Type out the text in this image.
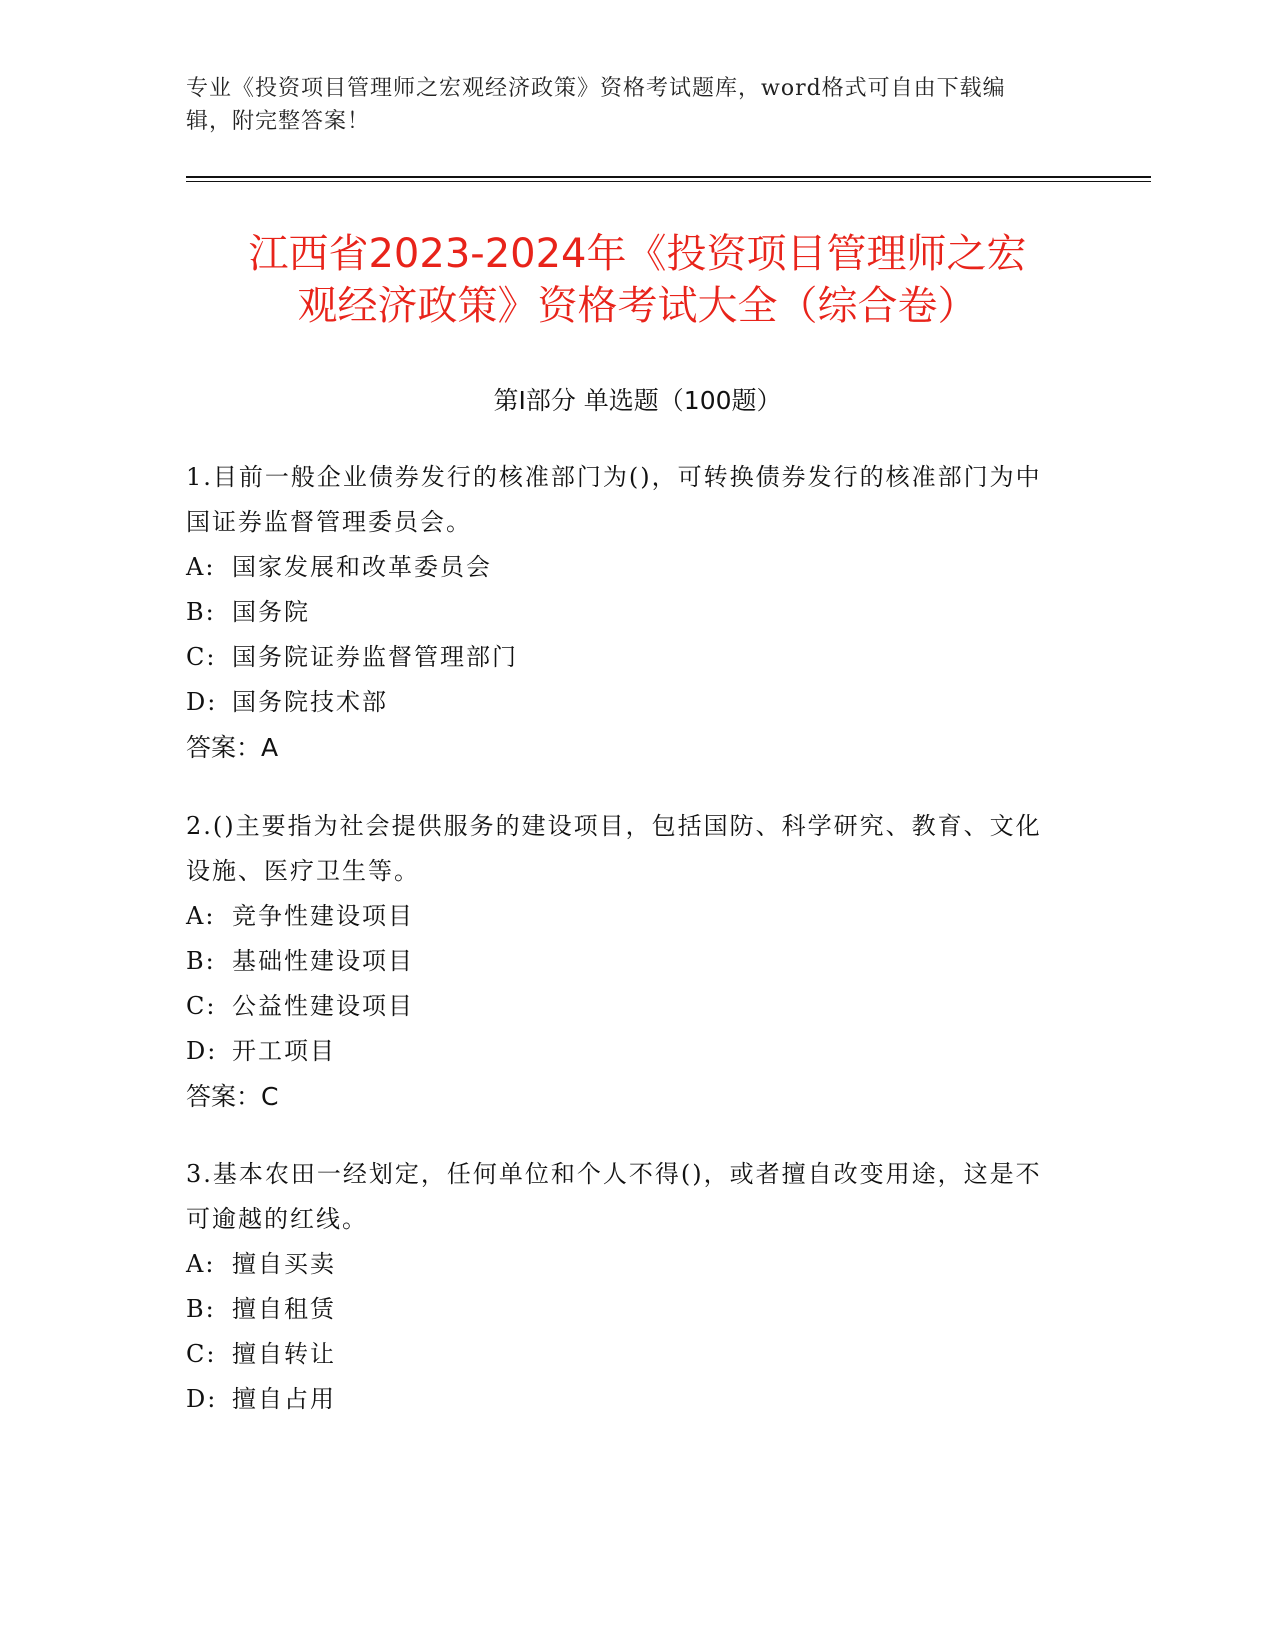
专业《投资项目管理师之宏观经济政策》资格考试题库，word格式可自由下载编
辑，附完整答案！
江西省2023-2024年《投资项目管理师之宏
观经济政策》资格考试大全（综合卷）
第I部分 单选题（100题）
1.目前一般企业债券发行的核准部门为()，可转换债券发行的核准部门为中国证券监督管理委员会。
A: 国家发展和改革委员会
B: 国务院
C: 国务院证券监督管理部门
D: 国务院技术部
答案：A
2.()主要指为社会提供服务的建设项目，包括国防、科学研究、教育、文化设施、医疗卫生等。
A: 竞争性建设项目
B: 基础性建设项目
C: 公益性建设项目
D: 开工项目
答案：C
3.基本农田一经划定，任何单位和个人不得()，或者擅自改变用途，这是不可逾越的红线。
A: 擅自买卖
B: 擅自租赁
C: 擅自转让
D: 擅自占用
